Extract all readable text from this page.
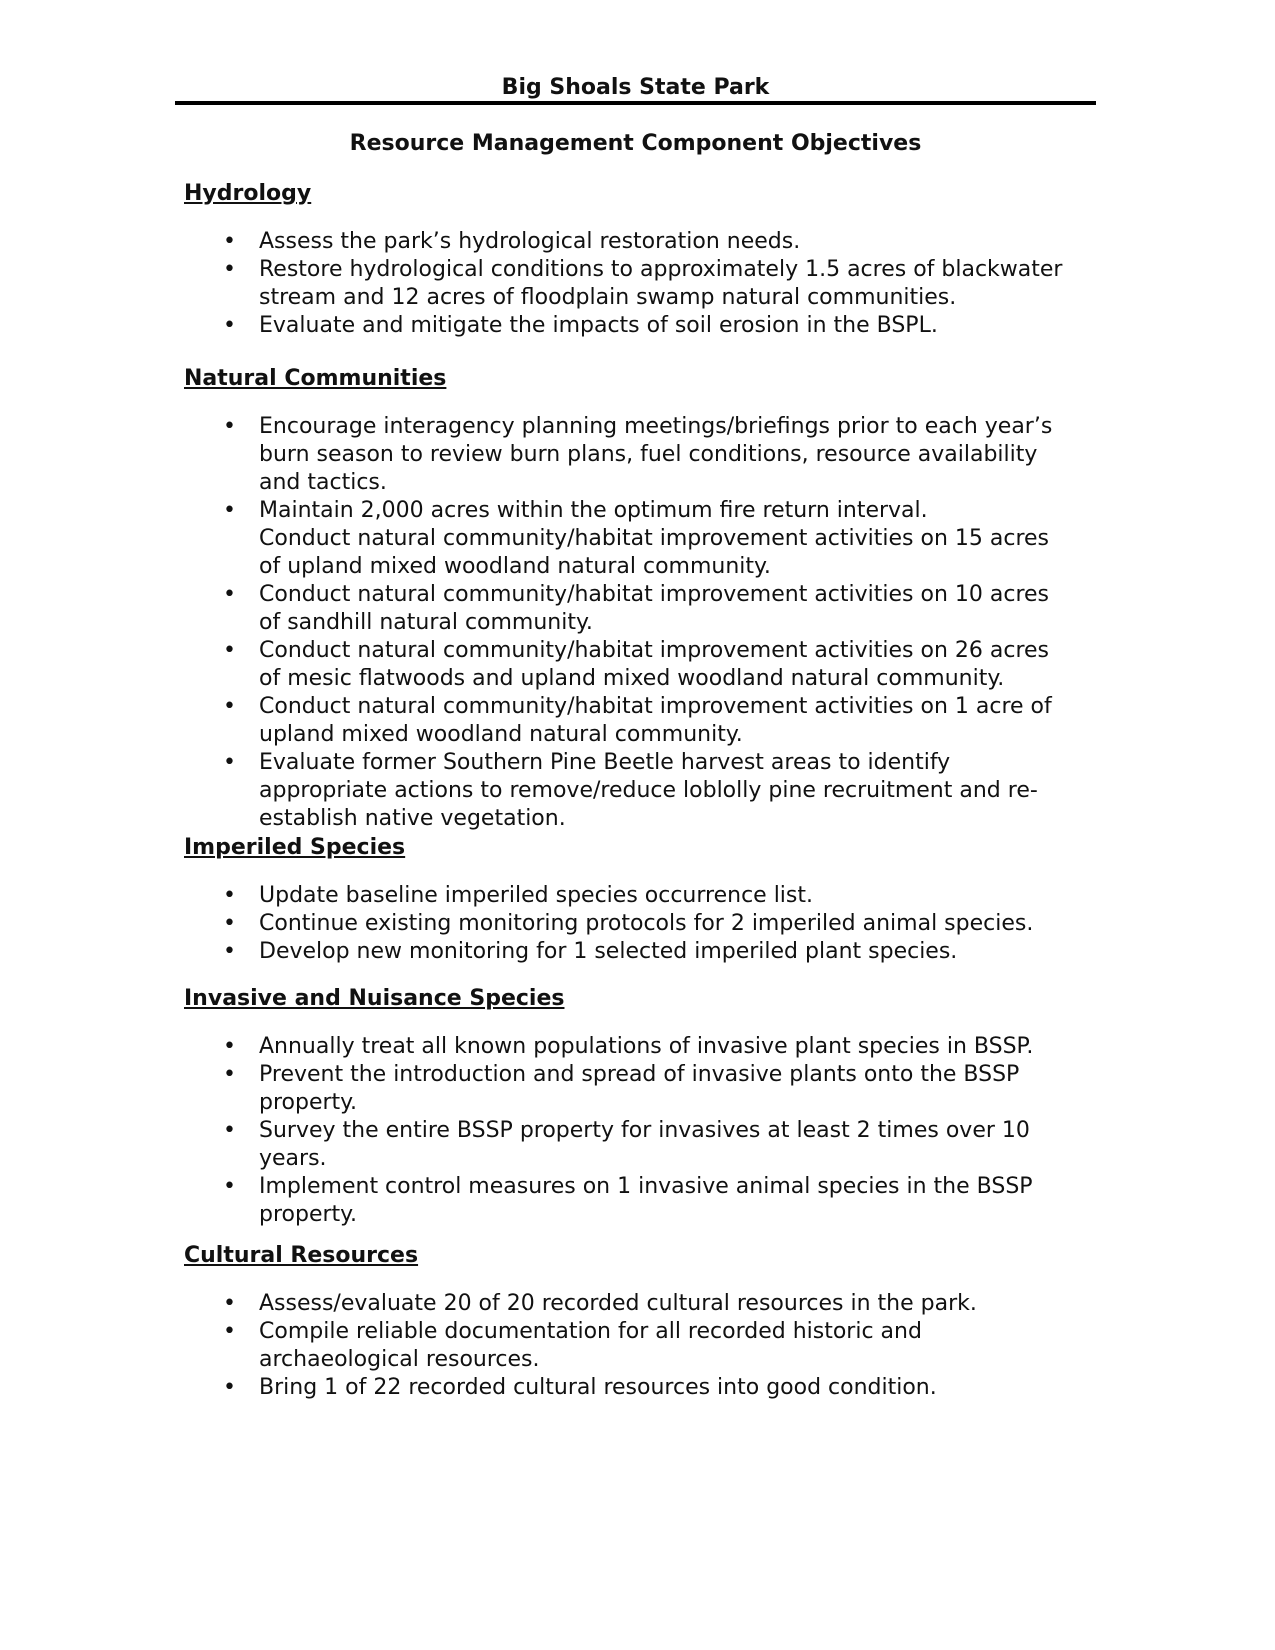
Big Shoals State Park
Resource Management Component Objectives
Hydrology
• Assess the park’s hydrological restoration needs.
• Restore hydrological conditions to approximately 1.5 acres of blackwater
stream and 12 acres of floodplain swamp natural communities.
• Evaluate and mitigate the impacts of soil erosion in the BSPL.
Natural Communities
• Encourage interagency planning meetings/briefings prior to each year’s
burn season to review burn plans, fuel conditions, resource availability
and tactics.
• Maintain 2,000 acres within the optimum fire return interval.
Conduct natural community/habitat improvement activities on 15 acres
of upland mixed woodland natural community.
• Conduct natural community/habitat improvement activities on 10 acres
of sandhill natural community.
• Conduct natural community/habitat improvement activities on 26 acres
of mesic flatwoods and upland mixed woodland natural community.
• Conduct natural community/habitat improvement activities on 1 acre of
upland mixed woodland natural community.
• Evaluate former Southern Pine Beetle harvest areas to identify
appropriate actions to remove/reduce loblolly pine recruitment and re-
establish native vegetation.
Imperiled Species
• Update baseline imperiled species occurrence list.
• Continue existing monitoring protocols for 2 imperiled animal species.
• Develop new monitoring for 1 selected imperiled plant species.
Invasive and Nuisance Species
• Annually treat all known populations of invasive plant species in BSSP.
• Prevent the introduction and spread of invasive plants onto the BSSP
property.
• Survey the entire BSSP property for invasives at least 2 times over 10
years.
• Implement control measures on 1 invasive animal species in the BSSP
property.
Cultural Resources
• Assess/evaluate 20 of 20 recorded cultural resources in the park.
• Compile reliable documentation for all recorded historic and
archaeological resources.
• Bring 1 of 22 recorded cultural resources into good condition.
